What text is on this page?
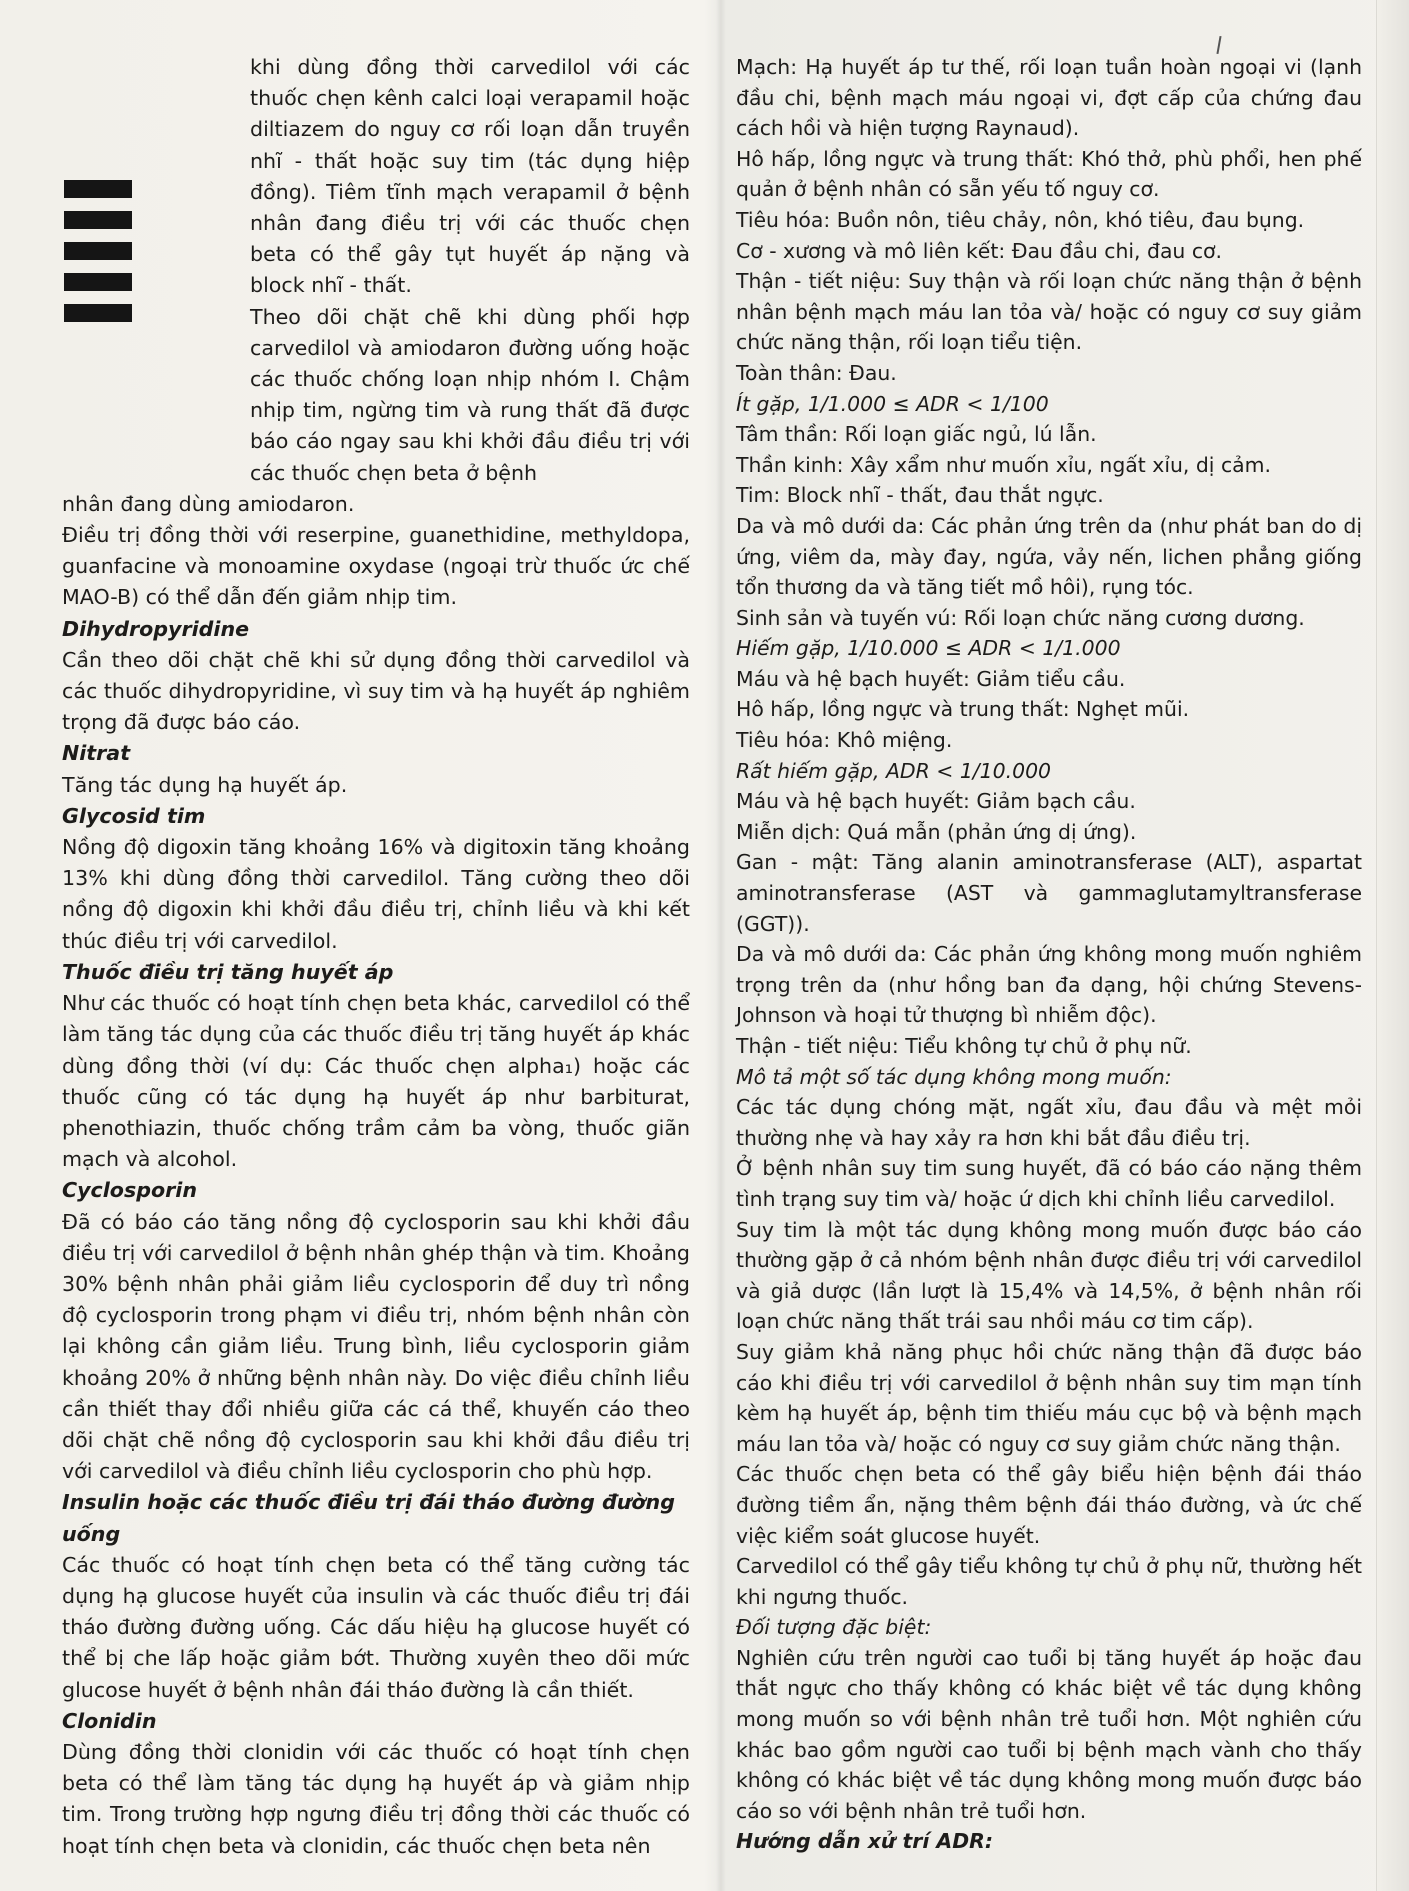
khi dùng đồng thời carvedilol với các thuốc chẹn kênh calci loại verapamil hoặc diltiazem do nguy cơ rối loạn dẫn truyền nhĩ - thất hoặc suy tim (tác dụng hiệp đồng). Tiêm tĩnh mạch verapamil ở bệnh nhân đang điều trị với các thuốc chẹn beta có thể gây tụt huyết áp nặng và block nhĩ - thất.

Theo dõi chặt chẽ khi dùng phối hợp carvedilol và amiodaron đường uống hoặc các thuốc chống loạn nhịp nhóm I. Chậm nhịp tim, ngừng tim và rung thất đã được báo cáo ngay sau khi khởi đầu điều trị với các thuốc chẹn beta ở bệnh

nhân đang dùng amiodaron.

Điều trị đồng thời với reserpine, guanethidine, methyldopa, guanfacine và monoamine oxydase (ngoại trừ thuốc ức chế MAO-B) có thể dẫn đến giảm nhịp tim.

Dihydropyridine

Cần theo dõi chặt chẽ khi sử dụng đồng thời carvedilol và các thuốc dihydropyridine, vì suy tim và hạ huyết áp nghiêm trọng đã được báo cáo.

Nitrat

Tăng tác dụng hạ huyết áp.

Glycosid tim

Nồng độ digoxin tăng khoảng 16% và digitoxin tăng khoảng 13% khi dùng đồng thời carvedilol. Tăng cường theo dõi nồng độ digoxin khi khởi đầu điều trị, chỉnh liều và khi kết thúc điều trị với carvedilol.

Thuốc điều trị tăng huyết áp

Như các thuốc có hoạt tính chẹn beta khác, carvedilol có thể làm tăng tác dụng của các thuốc điều trị tăng huyết áp khác dùng đồng thời (ví dụ: Các thuốc chẹn alpha₁) hoặc các thuốc cũng có tác dụng hạ huyết áp như barbiturat, phenothiazin, thuốc chống trầm cảm ba vòng, thuốc giãn mạch và alcohol.

Cyclosporin

Đã có báo cáo tăng nồng độ cyclosporin sau khi khởi đầu điều trị với carvedilol ở bệnh nhân ghép thận và tim. Khoảng 30% bệnh nhân phải giảm liều cyclosporin để duy trì nồng độ cyclosporin trong phạm vi điều trị, nhóm bệnh nhân còn lại không cần giảm liều. Trung bình, liều cyclosporin giảm khoảng 20% ở những bệnh nhân này. Do việc điều chỉnh liều cần thiết thay đổi nhiều giữa các cá thể, khuyến cáo theo dõi chặt chẽ nồng độ cyclosporin sau khi khởi đầu điều trị với carvedilol và điều chỉnh liều cyclosporin cho phù hợp.

Insulin hoặc các thuốc điều trị đái tháo đường đường uống

Các thuốc có hoạt tính chẹn beta có thể tăng cường tác dụng hạ glucose huyết của insulin và các thuốc điều trị đái tháo đường đường uống. Các dấu hiệu hạ glucose huyết có thể bị che lấp hoặc giảm bớt. Thường xuyên theo dõi mức glucose huyết ở bệnh nhân đái tháo đường là cần thiết.

Clonidin

Dùng đồng thời clonidin với các thuốc có hoạt tính chẹn beta có thể làm tăng tác dụng hạ huyết áp và giảm nhịp tim. Trong trường hợp ngưng điều trị đồng thời các thuốc có hoạt tính chẹn beta và clonidin, các thuốc chẹn beta nên

Mạch: Hạ huyết áp tư thế, rối loạn tuần hoàn ngoại vi (lạnh đầu chi, bệnh mạch máu ngoại vi, đợt cấp của chứng đau cách hồi và hiện tượng Raynaud).

Hô hấp, lồng ngực và trung thất: Khó thở, phù phổi, hen phế quản ở bệnh nhân có sẵn yếu tố nguy cơ.

Tiêu hóa: Buồn nôn, tiêu chảy, nôn, khó tiêu, đau bụng.

Cơ - xương và mô liên kết: Đau đầu chi, đau cơ.

Thận - tiết niệu: Suy thận và rối loạn chức năng thận ở bệnh nhân bệnh mạch máu lan tỏa và/ hoặc có nguy cơ suy giảm chức năng thận, rối loạn tiểu tiện.

Toàn thân: Đau.

Ít gặp, 1/1.000 ≤ ADR < 1/100

Tâm thần: Rối loạn giấc ngủ, lú lẫn.

Thần kinh: Xây xẩm như muốn xỉu, ngất xỉu, dị cảm.

Tim: Block nhĩ - thất, đau thắt ngực.

Da và mô dưới da: Các phản ứng trên da (như phát ban do dị ứng, viêm da, mày đay, ngứa, vảy nến, lichen phẳng giống tổn thương da và tăng tiết mồ hôi), rụng tóc.

Sinh sản và tuyến vú: Rối loạn chức năng cương dương.

Hiếm gặp, 1/10.000 ≤ ADR < 1/1.000

Máu và hệ bạch huyết: Giảm tiểu cầu.

Hô hấp, lồng ngực và trung thất: Nghẹt mũi.

Tiêu hóa: Khô miệng.

Rất hiếm gặp, ADR < 1/10.000

Máu và hệ bạch huyết: Giảm bạch cầu.

Miễn dịch: Quá mẫn (phản ứng dị ứng).

Gan - mật: Tăng alanin aminotransferase (ALT), aspartat aminotransferase (AST và gammaglutamyltransferase (GGT)).

Da và mô dưới da: Các phản ứng không mong muốn nghiêm trọng trên da (như hồng ban đa dạng, hội chứng Stevens-Johnson và hoại tử thượng bì nhiễm độc).

Thận - tiết niệu: Tiểu không tự chủ ở phụ nữ.

Mô tả một số tác dụng không mong muốn:

Các tác dụng chóng mặt, ngất xỉu, đau đầu và mệt mỏi thường nhẹ và hay xảy ra hơn khi bắt đầu điều trị.

Ở bệnh nhân suy tim sung huyết, đã có báo cáo nặng thêm tình trạng suy tim và/ hoặc ứ dịch khi chỉnh liều carvedilol.

Suy tim là một tác dụng không mong muốn được báo cáo thường gặp ở cả nhóm bệnh nhân được điều trị với carvedilol và giả dược (lần lượt là 15,4% và 14,5%, ở bệnh nhân rối loạn chức năng thất trái sau nhồi máu cơ tim cấp).

Suy giảm khả năng phục hồi chức năng thận đã được báo cáo khi điều trị với carvedilol ở bệnh nhân suy tim mạn tính kèm hạ huyết áp, bệnh tim thiếu máu cục bộ và bệnh mạch máu lan tỏa và/ hoặc có nguy cơ suy giảm chức năng thận.

Các thuốc chẹn beta có thể gây biểu hiện bệnh đái tháo đường tiềm ẩn, nặng thêm bệnh đái tháo đường, và ức chế việc kiểm soát glucose huyết.

Carvedilol có thể gây tiểu không tự chủ ở phụ nữ, thường hết khi ngưng thuốc.

Đối tượng đặc biệt:

Nghiên cứu trên người cao tuổi bị tăng huyết áp hoặc đau thắt ngực cho thấy không có khác biệt về tác dụng không mong muốn so với bệnh nhân trẻ tuổi hơn. Một nghiên cứu khác bao gồm người cao tuổi bị bệnh mạch vành cho thấy không có khác biệt về tác dụng không mong muốn được báo cáo so với bệnh nhân trẻ tuổi hơn.

Hướng dẫn xử trí ADR:
